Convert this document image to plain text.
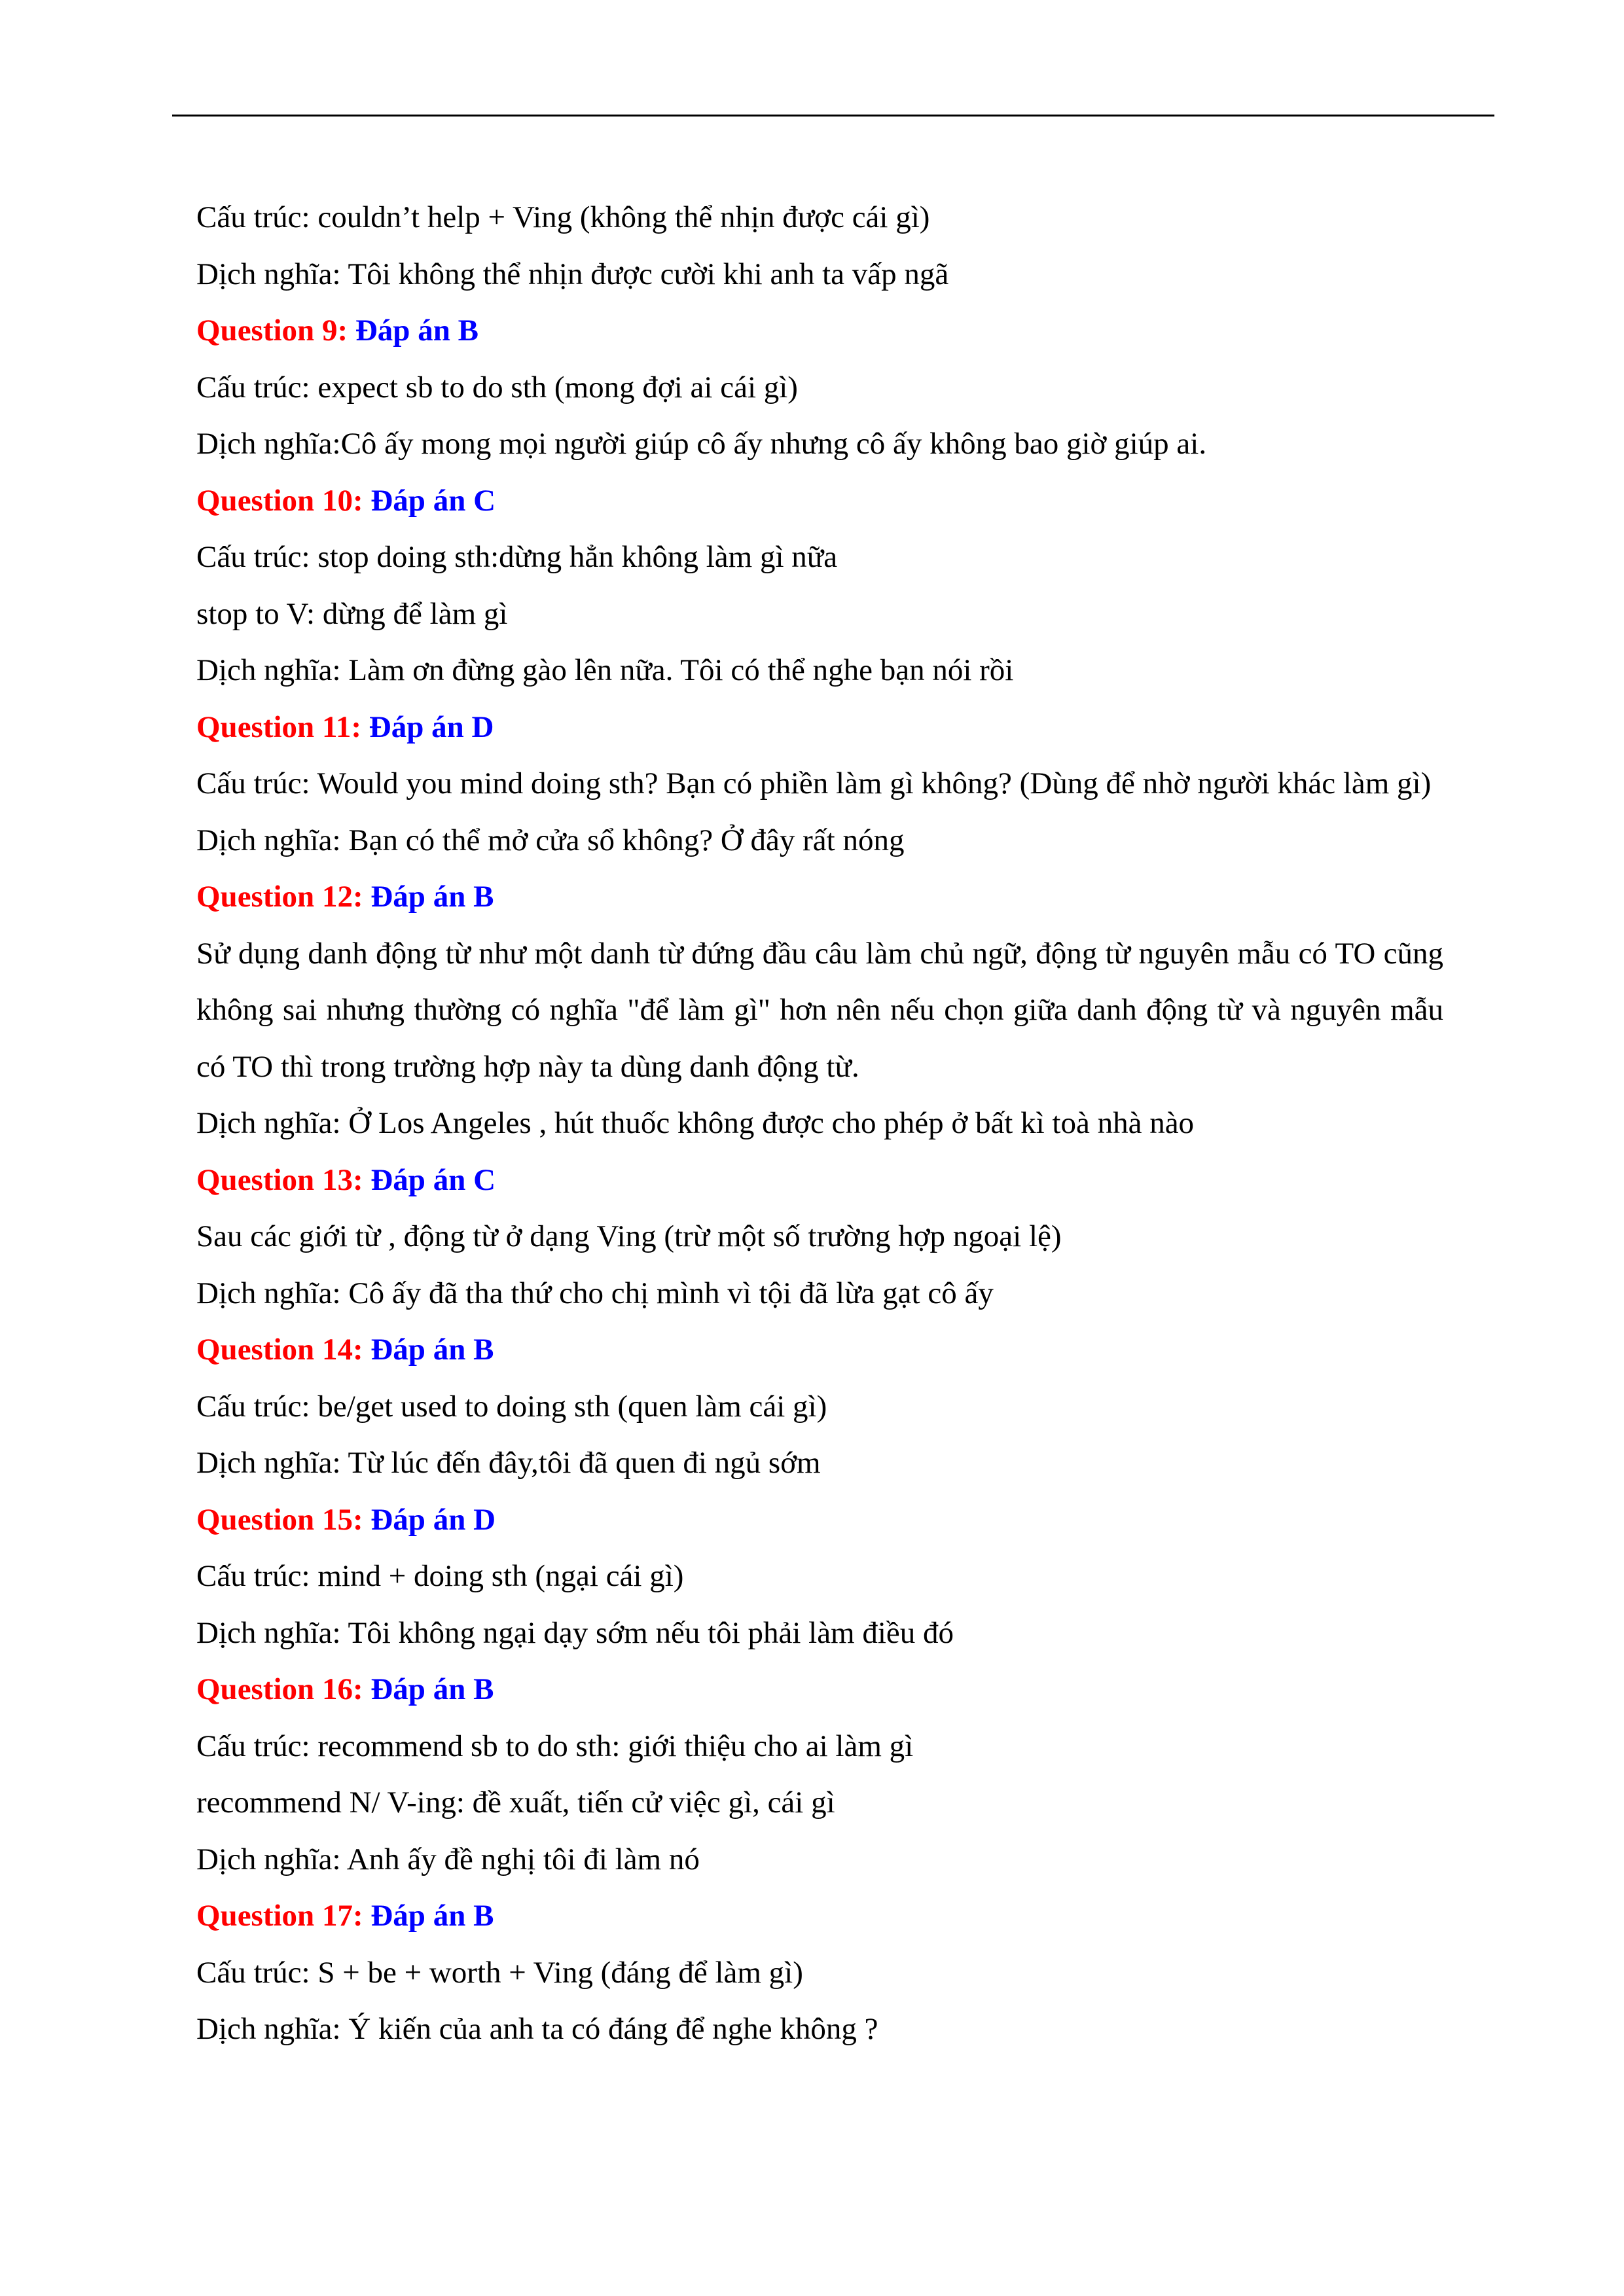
Cấu trúc: couldn’t help + Ving (không thể nhịn được cái gì)
Dịch nghĩa: Tôi không thể nhịn được cười khi anh ta vấp ngã
Question 9: Đáp án B
Cấu trúc: expect sb to do sth (mong đợi ai cái gì)
Dịch nghĩa:Cô ấy mong mọi người giúp cô ấy nhưng cô ấy không bao giờ giúp ai.
Question 10: Đáp án C
Cấu trúc: stop doing sth:dừng hẳn không làm gì nữa
stop to V: dừng để làm gì
Dịch nghĩa: Làm ơn đừng gào lên nữa. Tôi có thể nghe bạn nói rồi
Question 11: Đáp án D
Cấu trúc: Would you mind doing sth? Bạn có phiền làm gì không? (Dùng để nhờ người khác làm gì)
Dịch nghĩa: Bạn có thể mở cửa sổ không? Ở đây rất nóng
Question 12: Đáp án B
Sử dụng danh động từ như một danh từ đứng đầu câu làm chủ ngữ, động từ nguyên mẫu có TO cũng không sai nhưng thường có nghĩa "để làm gì" hơn nên nếu chọn giữa danh động từ và nguyên mẫu có TO thì trong trường hợp này ta dùng danh động từ.
Dịch nghĩa: Ở Los Angeles , hút thuốc không được cho phép ở bất kì toà nhà nào
Question 13: Đáp án C
Sau các giới từ , động từ ở dạng Ving (trừ một số trường hợp ngoại lệ)
Dịch nghĩa: Cô ấy đã tha thứ cho chị mình vì tội đã lừa gạt cô ấy
Question 14: Đáp án B
Cấu trúc: be/get used to doing sth (quen làm cái gì)
Dịch nghĩa: Từ lúc đến đây,tôi đã quen đi ngủ sớm
Question 15: Đáp án D
Cấu trúc: mind + doing sth (ngại cái gì)
Dịch nghĩa: Tôi không ngại dạy sớm nếu tôi phải làm điều đó
Question 16: Đáp án B
Cấu trúc: recommend sb to do sth: giới thiệu cho ai làm gì
recommend N/ V-ing: đề xuất, tiến cử việc gì, cái gì
Dịch nghĩa: Anh ấy đề nghị tôi đi làm nó
Question 17: Đáp án B
Cấu trúc: S + be + worth + Ving (đáng để làm gì)
Dịch nghĩa: Ý kiến của anh ta có đáng để nghe không ?
